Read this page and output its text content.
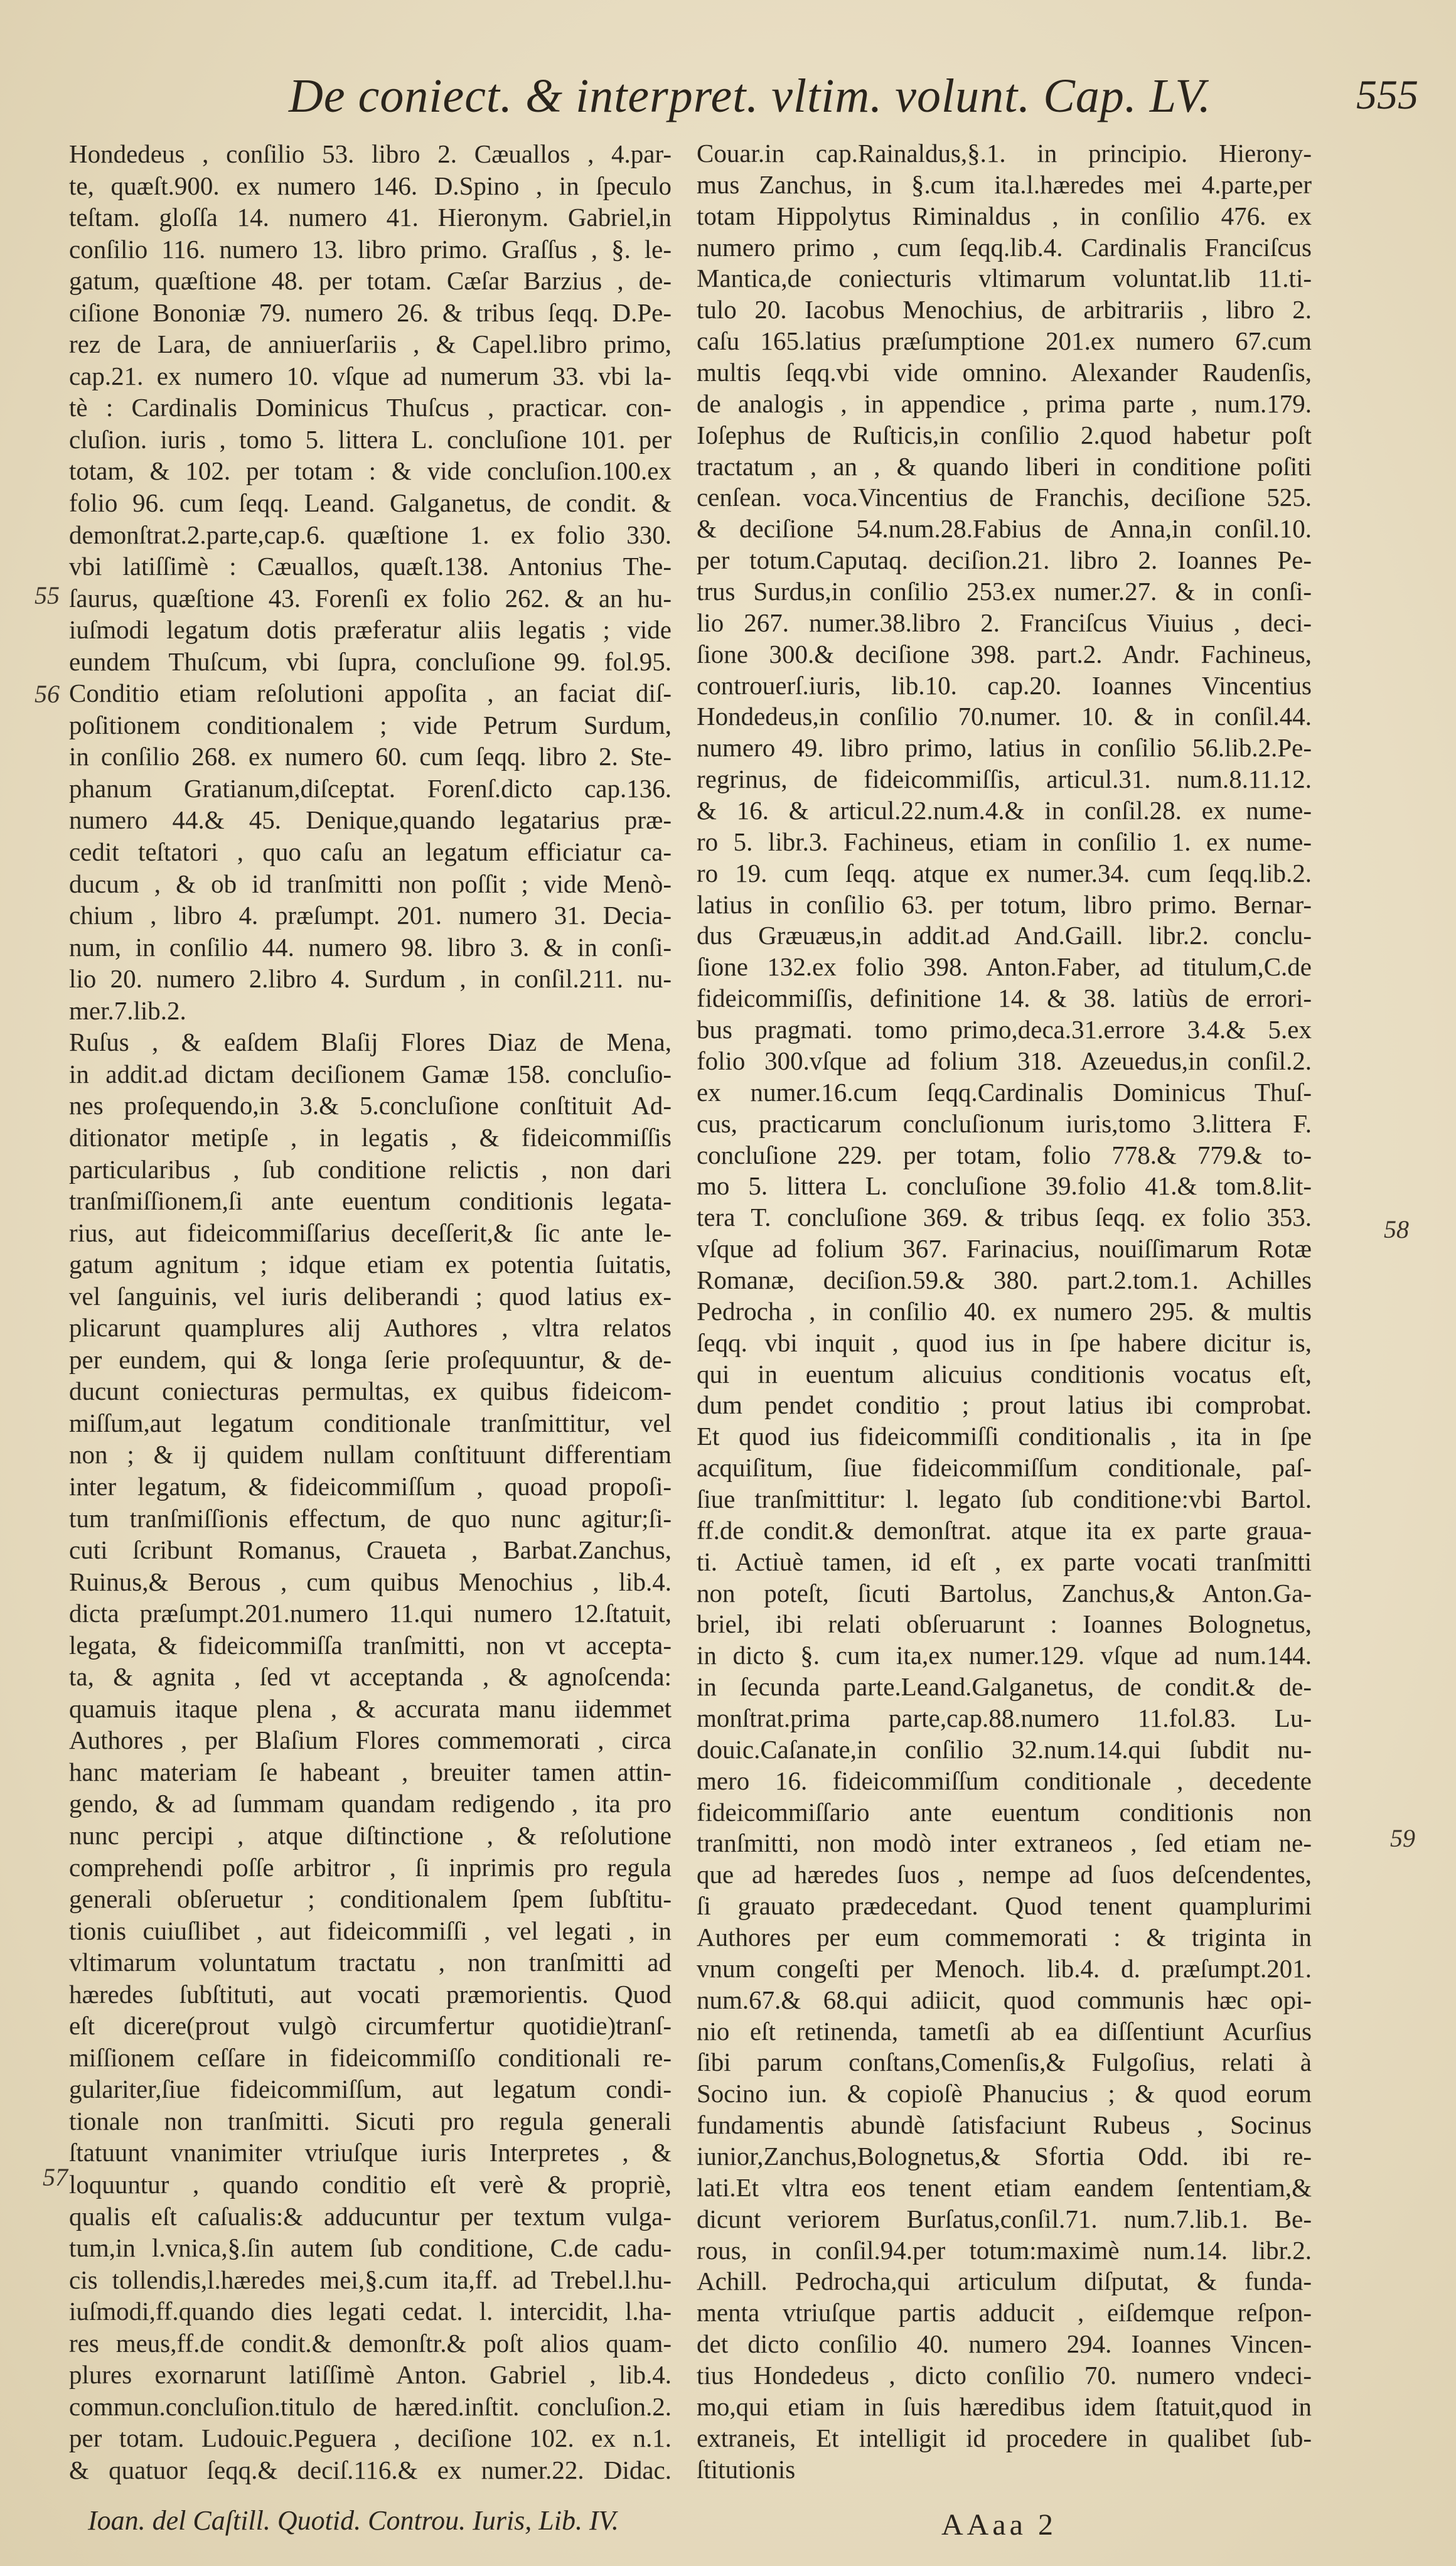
De coniect. & interpret. vltim. volunt. Cap. LV.	555
Hondedeus , conſilio 53. libro 2. Cæuallos , 4.par-
te, quæſt.900. ex numero 146. D.Spino , in ſpeculo
teſtam. gloſſa 14. numero 41. Hieronym. Gabriel,in
conſilio 116. numero 13. libro primo. Graſſus , §. le-
gatum, quæſtione 48. per totam. Cæſar Barzius , de-
ciſione Bononiæ 79. numero 26. & tribus ſeqq. D.Pe-
rez de Lara, de anniuerſariis , & Capel.libro primo,
cap.21. ex numero 10. vſque ad numerum 33. vbi la-
tè : Cardinalis Dominicus Thuſcus , practicar. con-
cluſion. iuris , tomo 5. littera L. concluſione 101. per
totam, & 102. per totam : & vide concluſion.100.ex
folio 96. cum ſeqq. Leand. Galganetus, de condit. &
demonſtrat.2.parte,cap.6. quæſtione 1. ex folio 330.
vbi latiſſimè : Cæuallos, quæſt.138. Antonius The-
ſaurus, quæſtione 43. Forenſi ex folio 262. & an hu-
iuſmodi legatum dotis præferatur aliis legatis ; vide
eundem Thuſcum, vbi ſupra, concluſione 99. fol.95.
Conditio etiam reſolutioni appoſita , an faciat diſ-
poſitionem conditionalem ; vide Petrum Surdum,
in conſilio 268. ex numero 60. cum ſeqq. libro 2. Ste-
phanum Gratianum,diſceptat. Forenſ.dicto cap.136.
numero 44.& 45. Denique,quando legatarius præ-
cedit teſtatori , quo caſu an legatum efficiatur ca-
ducum , & ob id tranſmitti non poſſit ; vide Menò-
chium , libro 4. præſumpt. 201. numero 31. Decia-
num, in conſilio 44. numero 98. libro 3. & in conſi-
lio 20. numero 2.libro 4. Surdum , in conſil.211. nu-
mer.7.lib.2.
Ruſus , & eaſdem Blaſij Flores Diaz de Mena,
in addit.ad dictam deciſionem Gamæ 158. concluſio-
nes proſequendo,in 3.& 5.concluſione conſtituit Ad-
ditionator metipſe , in legatis , & fideicommiſſis
particularibus , ſub conditione relictis , non dari
tranſmiſſionem,ſi ante euentum conditionis legata-
rius, aut fideicommiſſarius deceſſerit,& ſic ante le-
gatum agnitum ; idque etiam ex potentia ſuitatis,
vel ſanguinis, vel iuris deliberandi ; quod latius ex-
plicarunt quamplures alij Authores , vltra relatos
per eundem, qui & longa ſerie proſequuntur, & de-
ducunt coniecturas permultas, ex quibus fideicom-
miſſum,aut legatum conditionale tranſmittitur, vel
non ; & ij quidem nullam conſtituunt differentiam
inter legatum, & fideicommiſſum , quoad propoſi-
tum tranſmiſſionis effectum, de quo nunc agitur;ſi-
cuti ſcribunt Romanus, Craueta , Barbat.Zanchus,
Ruinus,& Berous , cum quibus Menochius , lib.4.
dicta præſumpt.201.numero 11.qui numero 12.ſtatuit,
legata, & fideicommiſſa tranſmitti, non vt accepta-
ta, & agnita , ſed vt acceptanda , & agnoſcenda:
quamuis itaque plena , & accurata manu iidemmet
Authores , per Blaſium Flores commemorati , circa
hanc materiam ſe habeant , breuiter tamen attin-
gendo, & ad ſummam quandam redigendo , ita pro
nunc percipi , atque diſtinctione , & reſolutione
comprehendi poſſe arbitror , ſi inprimis pro regula
generali obſeruetur ; conditionalem ſpem ſubſtitu-
tionis cuiuſlibet , aut fideicommiſſi , vel legati , in
vltimarum voluntatum tractatu , non tranſmitti ad
hæredes ſubſtituti, aut vocati præmorientis. Quod
eſt dicere(prout vulgò circumfertur quotidie)tranſ-
miſſionem ceſſare in fideicommiſſo conditionali re-
gulariter,ſiue fideicommiſſum, aut legatum condi-
tionale non tranſmitti. Sicuti pro regula generali
ſtatuunt vnanimiter vtriuſque iuris Interpretes , &
loquuntur , quando conditio eſt verè & propriè,
qualis eſt caſualis:& adducuntur per textum vulga-
tum,in l.vnica,§.ſin autem ſub conditione, C.de cadu-
cis tollendis,l.hæredes mei,§.cum ita,ff. ad Trebel.l.hu-
iuſmodi,ff.quando dies legati cedat. l. intercidit, l.ha-
res meus,ff.de condit.& demonſtr.& poſt alios quam-
plures exornarunt latiſſimè Anton. Gabriel , lib.4.
commun.concluſion.titulo de hæred.inſtit. concluſion.2.
per totam. Ludouic.Peguera , deciſione 102. ex n.1.
& quatuor ſeqq.& deciſ.116.& ex numer.22. Didac.
Couar.in cap.Rainaldus,§.1. in principio. Hierony-
mus Zanchus, in §.cum ita.l.hæredes mei 4.parte,per
totam Hippolytus Riminaldus , in conſilio 476. ex
numero primo , cum ſeqq.lib.4. Cardinalis Franciſcus
Mantica,de coniecturis vltimarum voluntat.lib 11.ti-
tulo 20. Iacobus Menochius, de arbitrariis , libro 2.
caſu 165.latius præſumptione 201.ex numero 67.cum
multis ſeqq.vbi vide omnino. Alexander Raudenſis,
de analogis , in appendice , prima parte , num.179.
Ioſephus de Ruſticis,in conſilio 2.quod habetur poſt
tractatum , an , & quando liberi in conditione poſiti
cenſean. voca.Vincentius de Franchis, deciſione 525.
& deciſione 54.num.28.Fabius de Anna,in conſil.10.
per totum.Caputaq. deciſion.21. libro 2. Ioannes Pe-
trus Surdus,in conſilio 253.ex numer.27. & in conſi-
lio 267. numer.38.libro 2. Franciſcus Viuius , deci-
ſione 300.& deciſione 398. part.2. Andr. Fachineus,
controuerſ.iuris, lib.10. cap.20. Ioannes Vincentius
Hondedeus,in conſilio 70.numer. 10. & in conſil.44.
numero 49. libro primo, latius in conſilio 56.lib.2.Pe-
regrinus, de fideicommiſſis, articul.31. num.8.11.12.
& 16. & articul.22.num.4.& in conſil.28. ex nume-
ro 5. libr.3. Fachineus, etiam in conſilio 1. ex nume-
ro 19. cum ſeqq. atque ex numer.34. cum ſeqq.lib.2.
latius in conſilio 63. per totum, libro primo. Bernar-
dus Græuæus,in addit.ad And.Gaill. libr.2. conclu-
ſione 132.ex folio 398. Anton.Faber, ad titulum,C.de
fideicommiſſis, definitione 14. & 38. latiùs de errori-
bus pragmati. tomo primo,deca.31.errore 3.4.& 5.ex
folio 300.vſque ad folium 318. Azeuedus,in conſil.2.
ex numer.16.cum ſeqq.Cardinalis Dominicus Thuſ-
cus, practicarum concluſionum iuris,tomo 3.littera F.
concluſione 229. per totam, folio 778.& 779.& to-
mo 5. littera L. concluſione 39.folio 41.& tom.8.lit-
tera T. concluſione 369. & tribus ſeqq. ex folio 353.
vſque ad folium 367. Farinacius, nouiſſimarum Rotæ
Romanæ, deciſion.59.& 380. part.2.tom.1. Achilles
Pedrocha , in conſilio 40. ex numero 295. & multis
ſeqq. vbi inquit , quod ius in ſpe habere dicitur is,
qui in euentum alicuius conditionis vocatus eſt,
dum pendet conditio ; prout latius ibi comprobat.
Et quod ius fideicommiſſi conditionalis , ita in ſpe
acquiſitum, ſiue fideicommiſſum conditionale, paſ-
ſiue tranſmittitur: l. legato ſub conditione:vbi Bartol.
ff.de condit.& demonſtrat. atque ita ex parte graua-
ti. Actiuè tamen, id eſt , ex parte vocati tranſmitti
non poteſt, ſicuti Bartolus, Zanchus,& Anton.Ga-
briel, ibi relati obſeruarunt : Ioannes Bolognetus,
in dicto §. cum ita,ex numer.129. vſque ad num.144.
in ſecunda parte.Leand.Galganetus, de condit.& de-
monſtrat.prima parte,cap.88.numero 11.fol.83. Lu-
douic.Caſanate,in conſilio 32.num.14.qui ſubdit nu-
mero 16. fideicommiſſum conditionale , decedente
fideicommiſſario ante euentum conditionis non
tranſmitti, non modò inter extraneos , ſed etiam ne-
que ad hæredes ſuos , nempe ad ſuos deſcendentes,
ſi grauato prædecedant. Quod tenent quamplurimi
Authores per eum commemorati : & triginta in
vnum congeſti per Menoch. lib.4. d. præſumpt.201.
num.67.& 68.qui adiicit, quod communis hæc opi-
nio eſt retinenda, tametſi ab ea diſſentiunt Acurſius
ſibi parum conſtans,Comenſis,& Fulgoſius, relati à
Socino iun. & copioſè Phanucius ; & quod eorum
fundamentis abundè ſatisfaciunt Rubeus , Socinus
iunior,Zanchus,Bolognetus,& Sfortia Odd. ibi re-
lati.Et vltra eos tenent etiam eandem ſententiam,&
dicunt veriorem Burſatus,conſil.71. num.7.lib.1. Be-
rous, in conſil.94.per totum:maximè num.14. libr.2.
Achill. Pedrocha,qui articulum diſputat, & funda-
menta vtriuſque partis adducit , eiſdemque reſpon-
det dicto conſilio 40. numero 294. Ioannes Vincen-
tius Hondedeus , dicto conſilio 70. numero vndeci-
mo,qui etiam in ſuis hæredibus idem ſtatuit,quod in
extraneis, Et intelligit id procedere in qualibet ſub-
ſtitutionis
55
56
57
58
59
Ioan. del Caſtill. Quotid. Controu. Iuris, Lib. IV.	AAaa 2
